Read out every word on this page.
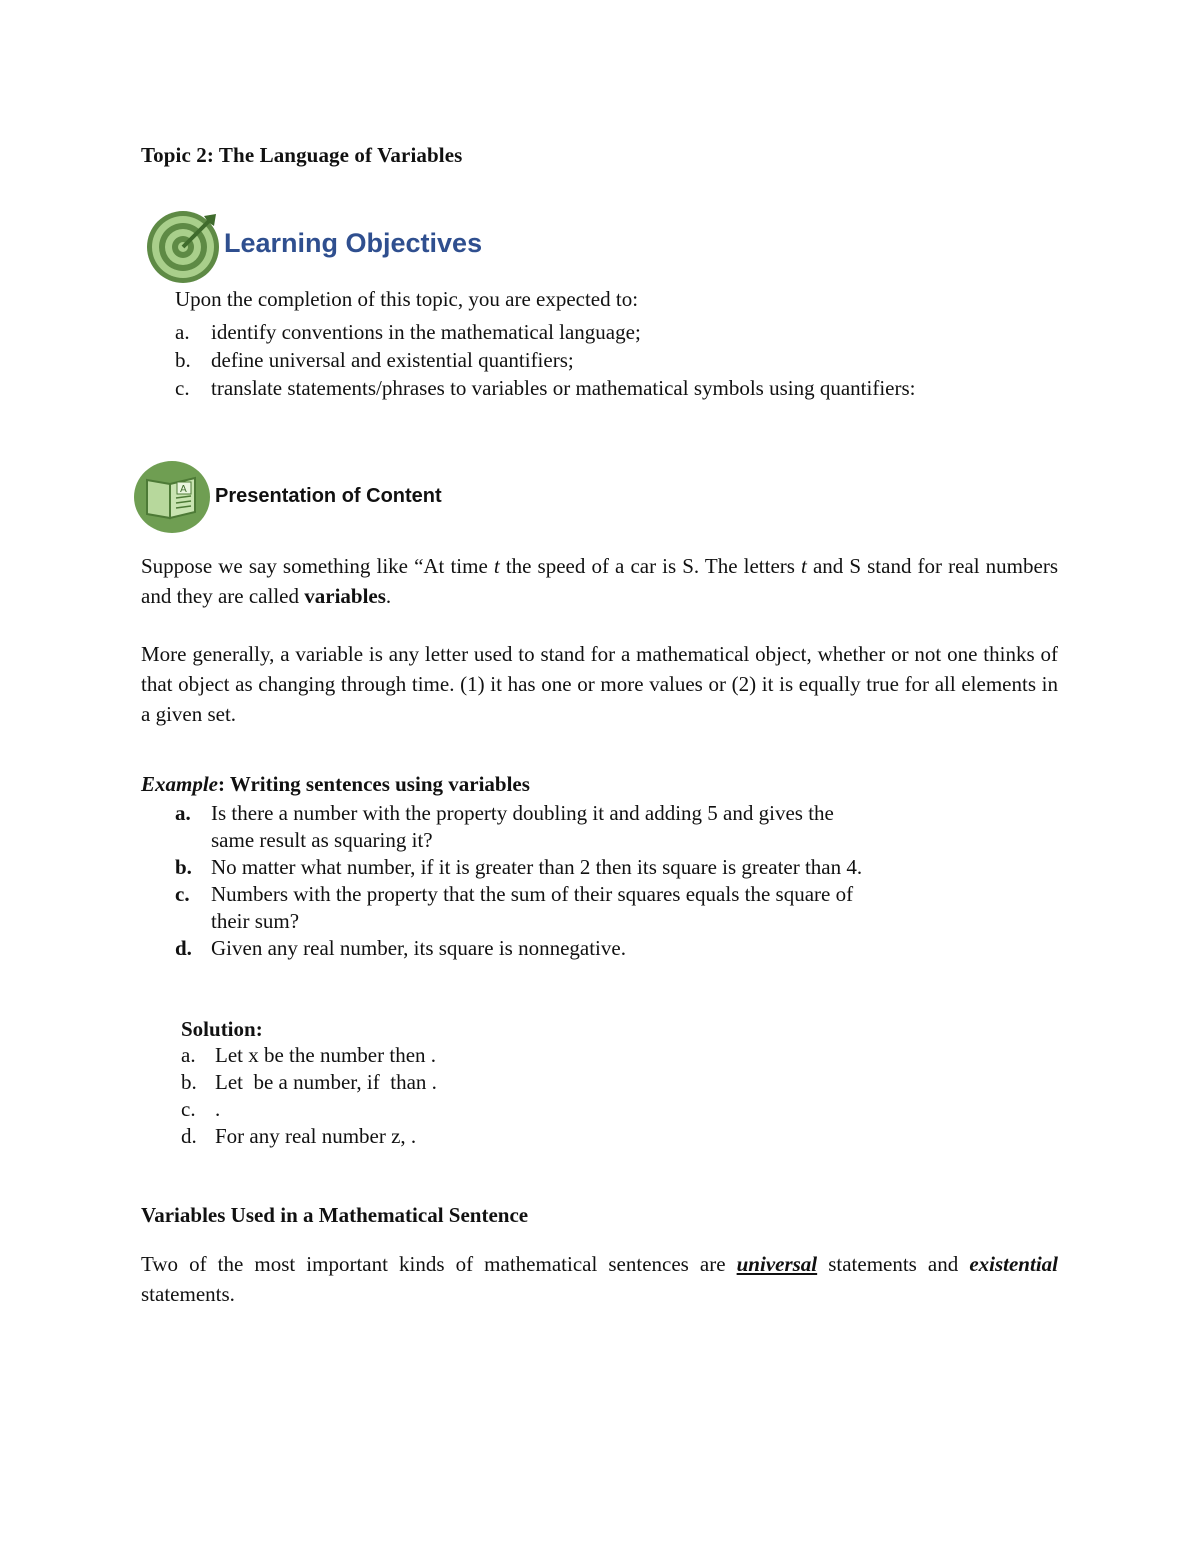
Topic 2: The Language of Variables
Learning Objectives
Upon the completion of this topic, you are expected to:
a. identify conventions in the mathematical language;
b. define universal and existential quantifiers;
c. translate statements/phrases to variables or mathematical symbols using quantifiers:
A Presentation of Content
Suppose we say something like “At time t the speed of a car is S. The letters t and S stand for real numbers and they are called variables.
More generally, a variable is any letter used to stand for a mathematical object, whether or not one thinks of that object as changing through time. (1) it has one or more values or (2) it is equally true for all elements in a given set.
Example: Writing sentences using variables
a. Is there a number with the property doubling it and adding 5 and gives the same result as squaring it?
b. No matter what number, if it is greater than 2 then its square is greater than 4.
c.	Numbers with the property that the sum of their squares equals the square of their sum?
d. Given any real number, its square is nonnegative.
Solution:
a. Let x be the number then .
b. Let  be a number, if  than .
c. .
d. For any real number z, .
Variables Used in a Mathematical Sentence
Two of the most important kinds of mathematical sentences are universal statements and existential statements.
